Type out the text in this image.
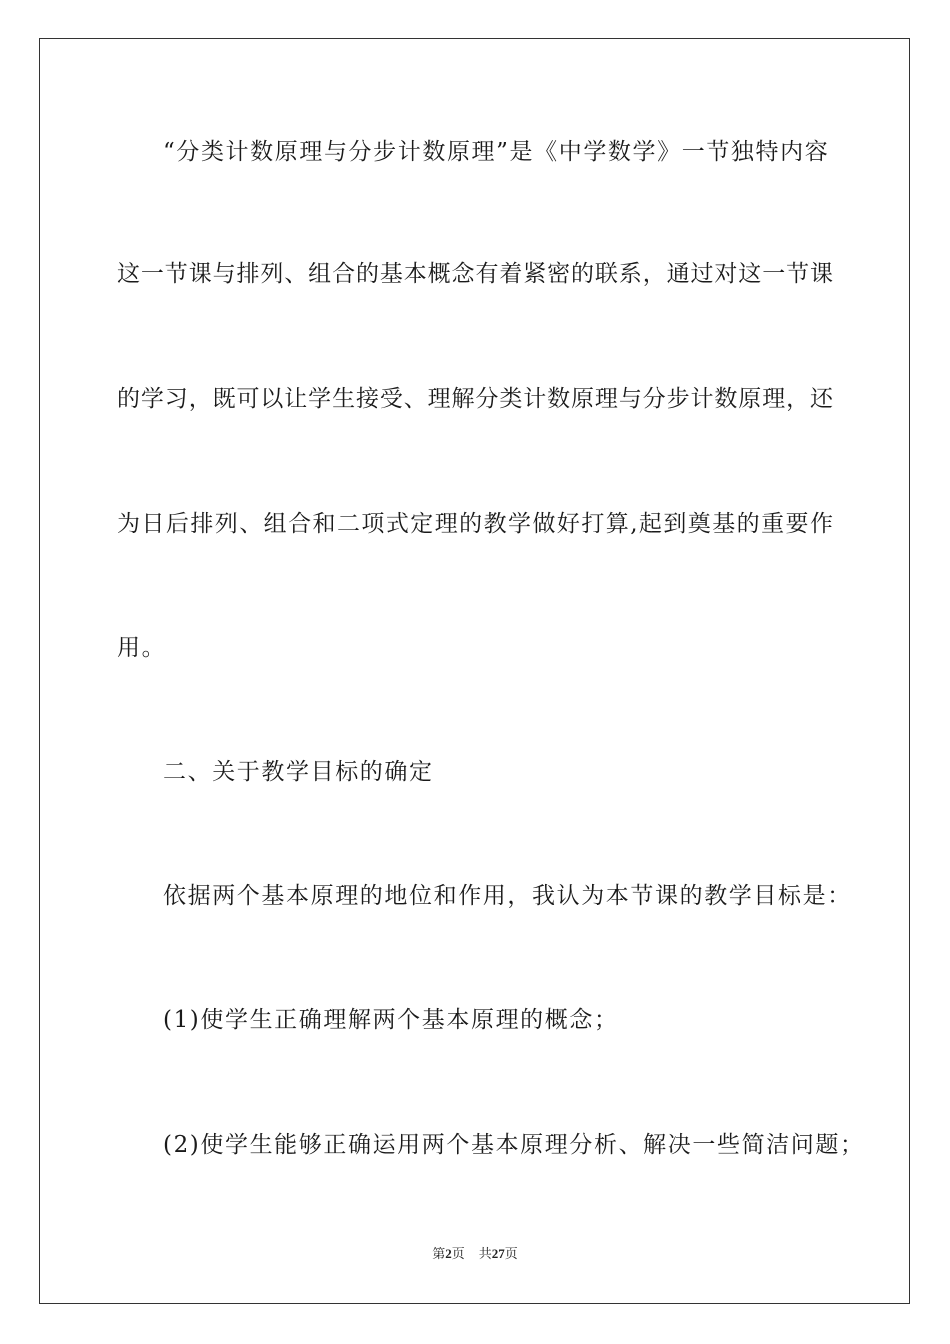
“分类计数原理与分步计数原理”是《中学数学》一节独特内容
这一节课与排列、组合的基本概念有着紧密的联系，通过对这一节课
的学习，既可以让学生接受、理解分类计数原理与分步计数原理，还
为日后排列、组合和二项式定理的教学做好打算,起到奠基的重要作
用。
二、关于教学目标的确定
依据两个基本原理的地位和作用，我认为本节课的教学目标是：
(1)使学生正确理解两个基本原理的概念；
(2)使学生能够正确运用两个基本原理分析、解决一些简洁问题；
第2页 共27页
